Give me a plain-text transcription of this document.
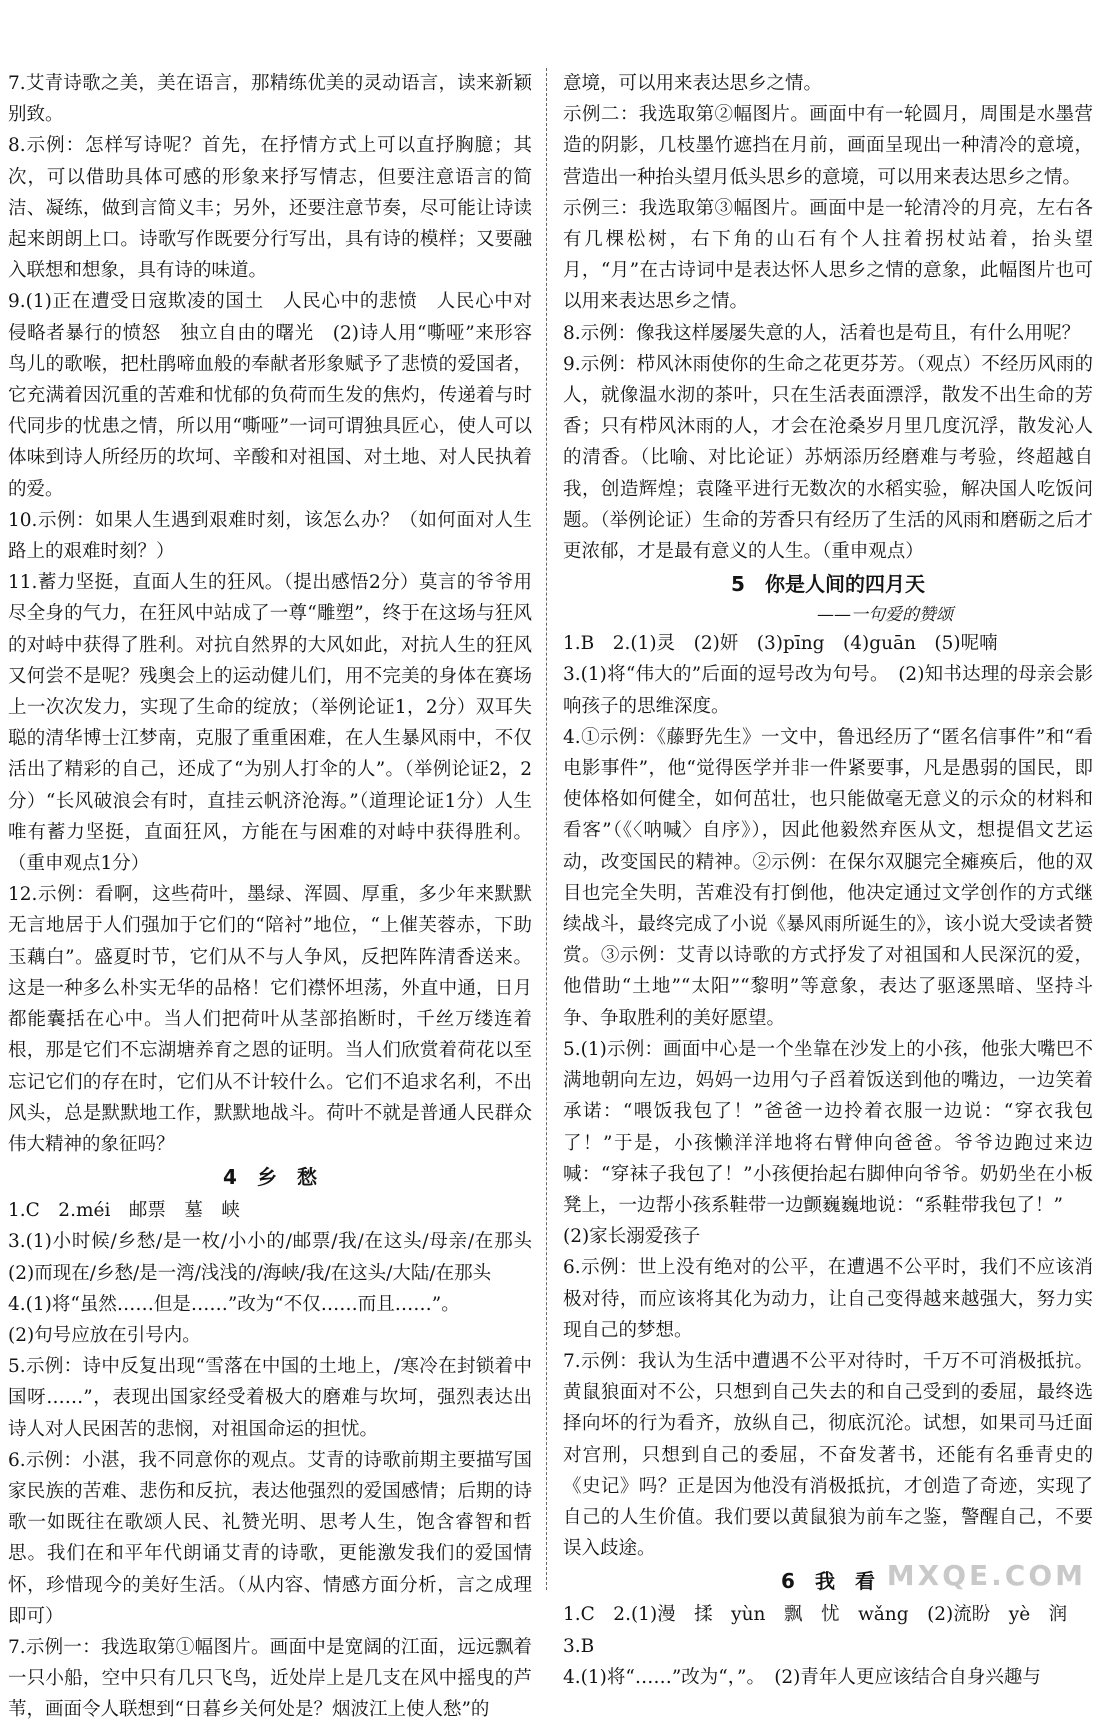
7.艾青诗歌之美，美在语言，那精练优美的灵动语言，读来新颖别致。
8.示例：怎样写诗呢？首先，在抒情方式上可以直抒胸臆；其次，可以借助具体可感的形象来抒写情志，但要注意语言的简洁、凝练，做到言简义丰；另外，还要注意节奏，尽可能让诗读起来朗朗上口。诗歌写作既要分行写出，具有诗的模样；又要融入联想和想象，具有诗的味道。
9.(1)正在遭受日寇欺凌的国土　人民心中的悲愤　人民心中对侵略者暴行的愤怒　独立自由的曙光　(2)诗人用“嘶哑”来形容鸟儿的歌喉，把杜鹃啼血般的奉献者形象赋予了悲愤的爱国者，它充满着因沉重的苦难和忧郁的负荷而生发的焦灼，传递着与时代同步的忧患之情，所以用“嘶哑”一词可谓独具匠心，使人可以体味到诗人所经历的坎坷、辛酸和对祖国、对土地、对人民执着的爱。
10.示例：如果人生遇到艰难时刻，该怎么办？（如何面对人生路上的艰难时刻？）
11.蓄力坚挺，直面人生的狂风。（提出感悟2分）莫言的爷爷用尽全身的气力，在狂风中站成了一尊“雕塑”，终于在这场与狂风的对峙中获得了胜利。对抗自然界的大风如此，对抗人生的狂风又何尝不是呢？残奥会上的运动健儿们，用不完美的身体在赛场上一次次发力，实现了生命的绽放；（举例论证1，2分）双耳失聪的清华博士江梦南，克服了重重困难，在人生暴风雨中，不仅活出了精彩的自己，还成了“为别人打伞的人”。（举例论证2，2分）“长风破浪会有时，直挂云帆济沧海。”（道理论证1分）人生唯有蓄力坚挺，直面狂风，方能在与困难的对峙中获得胜利。（重申观点1分）
12.示例：看啊，这些荷叶，墨绿、浑圆、厚重，多少年来默默无言地居于人们强加于它们的“陪衬”地位，“上催芙蓉赤，下助玉藕白”。盛夏时节，它们从不与人争风，反把阵阵清香送来。这是一种多么朴实无华的品格！它们襟怀坦荡，外直中通，日月都能囊括在心中。当人们把荷叶从茎部掐断时，千丝万缕连着根，那是它们不忘湖塘养育之恩的证明。当人们欣赏着荷花以至忘记它们的存在时，它们从不计较什么。它们不追求名利，不出风头，总是默默地工作，默默地战斗。荷叶不就是普通人民群众伟大精神的象征吗？
4　乡　愁
1.C　2.méi　邮票　墓　峡
3.(1)小时候/乡愁/是一枚/小小的/邮票/我/在这头/母亲/在那头　(2)而现在/乡愁/是一湾/浅浅的/海峡/我/在这头/大陆/在那头
4.(1)将“虽然……但是……”改为“不仅……而且……”。
(2)句号应放在引号内。
5.示例：诗中反复出现“雪落在中国的土地上，/寒冷在封锁着中国呀……”，表现出国家经受着极大的磨难与坎坷，强烈表达出诗人对人民困苦的悲悯，对祖国命运的担忧。
6.示例：小湛，我不同意你的观点。艾青的诗歌前期主要描写国家民族的苦难、悲伤和反抗，表达他强烈的爱国感情；后期的诗歌一如既往在歌颂人民、礼赞光明、思考人生，饱含睿智和哲思。我们在和平年代朗诵艾青的诗歌，更能激发我们的爱国情怀，珍惜现今的美好生活。（从内容、情感方面分析，言之成理即可）
7.示例一：我选取第①幅图片。画面中是宽阔的江面，远远飘着一只小船，空中只有几只飞鸟，近处岸上是几支在风中摇曳的芦苇，画面令人联想到“日暮乡关何处是？烟波江上使人愁”的
意境，可以用来表达思乡之情。
示例二：我选取第②幅图片。画面中有一轮圆月，周围是水墨营造的阴影，几枝墨竹遮挡在月前，画面呈现出一种清冷的意境，营造出一种抬头望月低头思乡的意境，可以用来表达思乡之情。
示例三：我选取第③幅图片。画面中是一轮清冷的月亮，左右各有几棵松树，右下角的山石有个人拄着拐杖站着，抬头望月，“月”在古诗词中是表达怀人思乡之情的意象，此幅图片也可以用来表达思乡之情。
8.示例：像我这样屡屡失意的人，活着也是苟且，有什么用呢？
9.示例：栉风沐雨使你的生命之花更芬芳。（观点）不经历风雨的人，就像温水沏的茶叶，只在生活表面漂浮，散发不出生命的芳香；只有栉风沐雨的人，才会在沧桑岁月里几度沉浮，散发沁人的清香。（比喻、对比论证）苏炳添历经磨难与考验，终超越自我，创造辉煌；袁隆平进行无数次的水稻实验，解决国人吃饭问题。（举例论证）生命的芳香只有经历了生活的风雨和磨砺之后才更浓郁，才是最有意义的人生。（重申观点）
5　你是人间的四月天
——一句爱的赞颂
1.B　2.(1)灵　(2)妍　(3)pīng　(4)guān　(5)呢喃
3.(1)将“伟大的”后面的逗号改为句号。　(2)知书达理的母亲会影响孩子的思维深度。
4.①示例：《藤野先生》一文中，鲁迅经历了“匿名信事件”和“看电影事件”，他“觉得医学并非一件紧要事，凡是愚弱的国民，即使体格如何健全，如何茁壮，也只能做毫无意义的示众的材料和看客”（《〈呐喊〉自序》），因此他毅然弃医从文，想提倡文艺运动，改变国民的精神。②示例：在保尔双腿完全瘫痪后，他的双目也完全失明，苦难没有打倒他，他决定通过文学创作的方式继续战斗，最终完成了小说《暴风雨所诞生的》，该小说大受读者赞赏。③示例：艾青以诗歌的方式抒发了对祖国和人民深沉的爱，他借助“土地”“太阳”“黎明”等意象，表达了驱逐黑暗、坚持斗争、争取胜利的美好愿望。
5.(1)示例：画面中心是一个坐靠在沙发上的小孩，他张大嘴巴不满地朝向左边，妈妈一边用勺子舀着饭送到他的嘴边，一边笑着承诺：“喂饭我包了！”爸爸一边拎着衣服一边说：“穿衣我包了！”于是，小孩懒洋洋地将右臂伸向爸爸。爷爷边跑过来边喊：“穿袜子我包了！”小孩便抬起右脚伸向爷爷。奶奶坐在小板凳上，一边帮小孩系鞋带一边颤巍巍地说：“系鞋带我包了！”
(2)家长溺爱孩子
6.示例：世上没有绝对的公平，在遭遇不公平时，我们不应该消极对待，而应该将其化为动力，让自己变得越来越强大，努力实现自己的梦想。
7.示例：我认为生活中遭遇不公平对待时，千万不可消极抵抗。黄鼠狼面对不公，只想到自己失去的和自己受到的委屈，最终选择向坏的行为看齐，放纵自己，彻底沉沦。试想，如果司马迁面对宫刑，只想到自己的委屈，不奋发著书，还能有名垂青史的《史记》吗？正是因为他没有消极抵抗，才创造了奇迹，实现了自己的人生价值。我们要以黄鼠狼为前车之鉴，警醒自己，不要误入歧途。
6　我　看
1.C　2.(1)漫　揉　yùn　飘　忧　wǎng　(2)流盼　yè　润
3.B
4.(1)将“……”改为“，”。　(2)青年人更应该结合自身兴趣与
MXQE.COM
